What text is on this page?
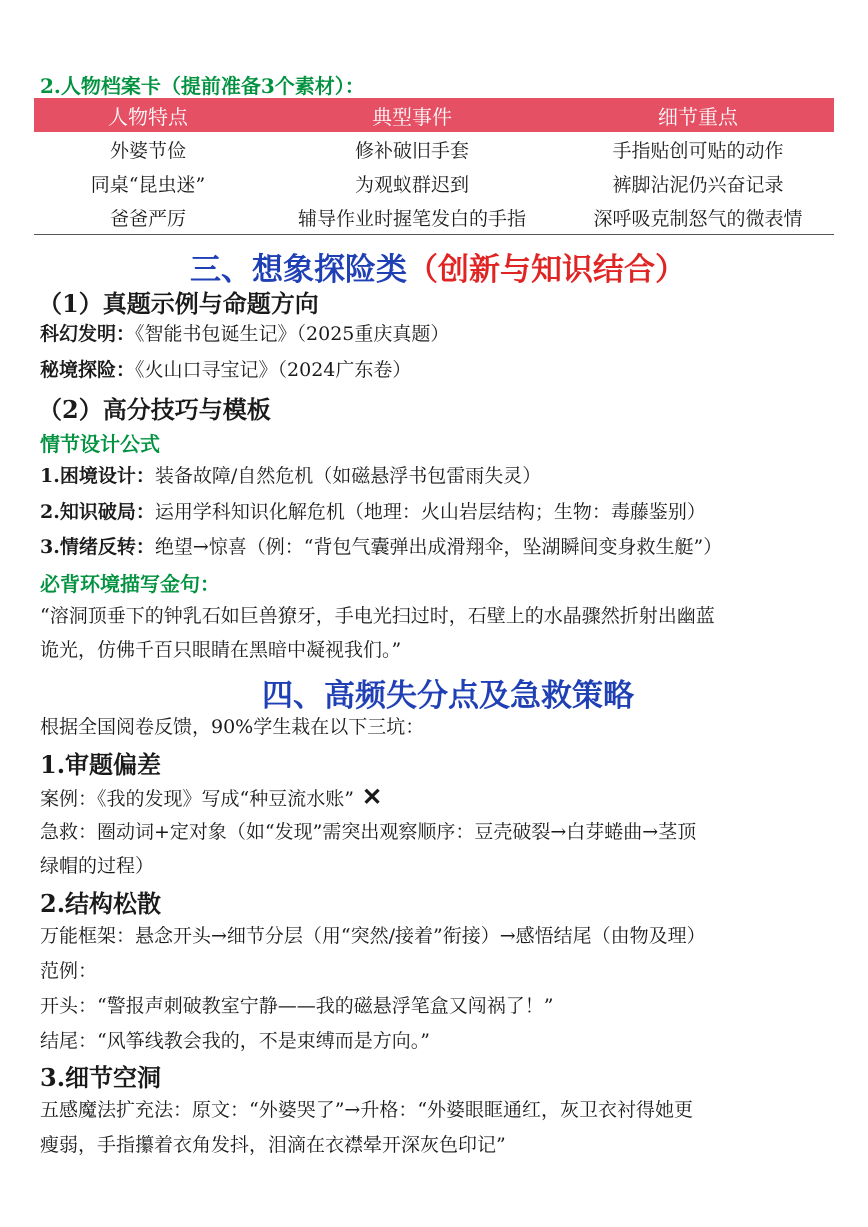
2.人物档案卡（提前准备3个素材）：
人物特点	典型事件	细节重点
外婆节俭	修补破旧手套	手指贴创可贴的动作
同桌“昆虫迷”	为观蚁群迟到	裤脚沾泥仍兴奋记录
爸爸严厉	辅导作业时握笔发白的手指	深呼吸克制怒气的微表情
三、想象探险类（创新与知识结合）
（1）真题示例与命题方向
科幻发明：《智能书包诞生记》（2025重庆真题）
秘境探险：《火山口寻宝记》（2024广东卷）
（2）高分技巧与模板
情节设计公式
1.困境设计：装备故障/自然危机（如磁悬浮书包雷雨失灵）
2.知识破局：运用学科知识化解危机（地理：火山岩层结构；生物：毒藤鉴别）
3.情绪反转：绝望→惊喜（例：“背包气囊弹出成滑翔伞，坠湖瞬间变身救生艇”）
必背环境描写金句：
“溶洞顶垂下的钟乳石如巨兽獠牙，手电光扫过时，石壁上的水晶骤然折射出幽蓝
诡光，仿佛千百只眼睛在黑暗中凝视我们。”
四、高频失分点及急救策略
根据全国阅卷反馈，90%学生栽在以下三坑：
1.审题偏差
案例：《我的发现》写成“种豆流水账” ✕
急救：圈动词+定对象（如“发现”需突出观察顺序：豆壳破裂→白芽蜷曲→茎顶
绿帽的过程）
2.结构松散
万能框架：悬念开头→细节分层（用“突然/接着”衔接）→感悟结尾（由物及理）
范例：
开头：“警报声刺破教室宁静——我的磁悬浮笔盒又闯祸了！”
结尾：“风筝线教会我的，不是束缚而是方向。”
3.细节空洞
五感魔法扩充法：原文：“外婆哭了”→升格：“外婆眼眶通红，灰卫衣衬得她更
瘦弱，手指攥着衣角发抖，泪滴在衣襟晕开深灰色印记”
